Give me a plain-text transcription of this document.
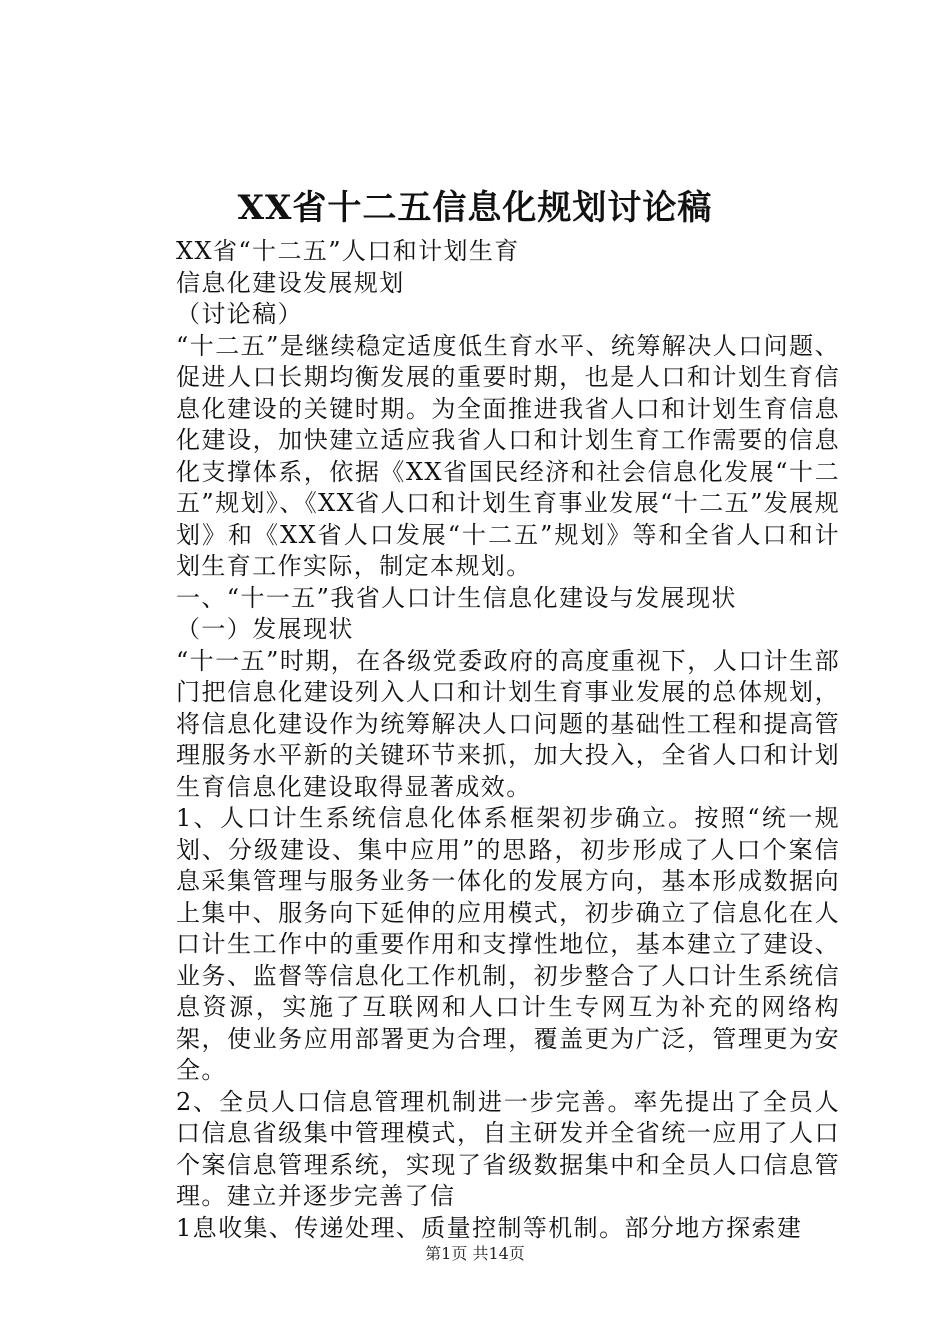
XX省十二五信息化规划讨论稿

XX省“十二五”人口和计划生育

信息化建设发展规划

（讨论稿）

“十二五”是继续稳定适度低生育水平、统筹解决人口问题、促进人口长期均衡发展的重要时期，也是人口和计划生育信息化建设的关键时期。为全面推进我省人口和计划生育信息化建设，加快建立适应我省人口和计划生育工作需要的信息化支撑体系，依据《XX省国民经济和社会信息化发展“十二五”规划》、《XX省人口和计划生育事业发展“十二五”发展规划》和《XX省人口发展“十二五”规划》等和全省人口和计划生育工作实际，制定本规划。

一、“十一五”我省人口计生信息化建设与发展现状

（一）发展现状

“十一五”时期，在各级党委政府的高度重视下，人口计生部门把信息化建设列入人口和计划生育事业发展的总体规划，将信息化建设作为统筹解决人口问题的基础性工程和提高管理服务水平新的关键环节来抓，加大投入，全省人口和计划生育信息化建设取得显著成效。

1、人口计生系统信息化体系框架初步确立。按照“统一规划、分级建设、集中应用”的思路，初步形成了人口个案信息采集管理与服务业务一体化的发展方向，基本形成数据向上集中、服务向下延伸的应用模式，初步确立了信息化在人口计生工作中的重要作用和支撑性地位，基本建立了建设、业务、监督等信息化工作机制，初步整合了人口计生系统信息资源，实施了互联网和人口计生专网互为补充的网络构架，使业务应用部署更为合理，覆盖更为广泛，管理更为安全。

2、全员人口信息管理机制进一步完善。率先提出了全员人口信息省级集中管理模式，自主研发并全省统一应用了人口个案信息管理系统，实现了省级数据集中和全员人口信息管理。建立并逐步完善了信

1息收集、传递处理、质量控制等机制。部分地方探索建

第1页 共14页
